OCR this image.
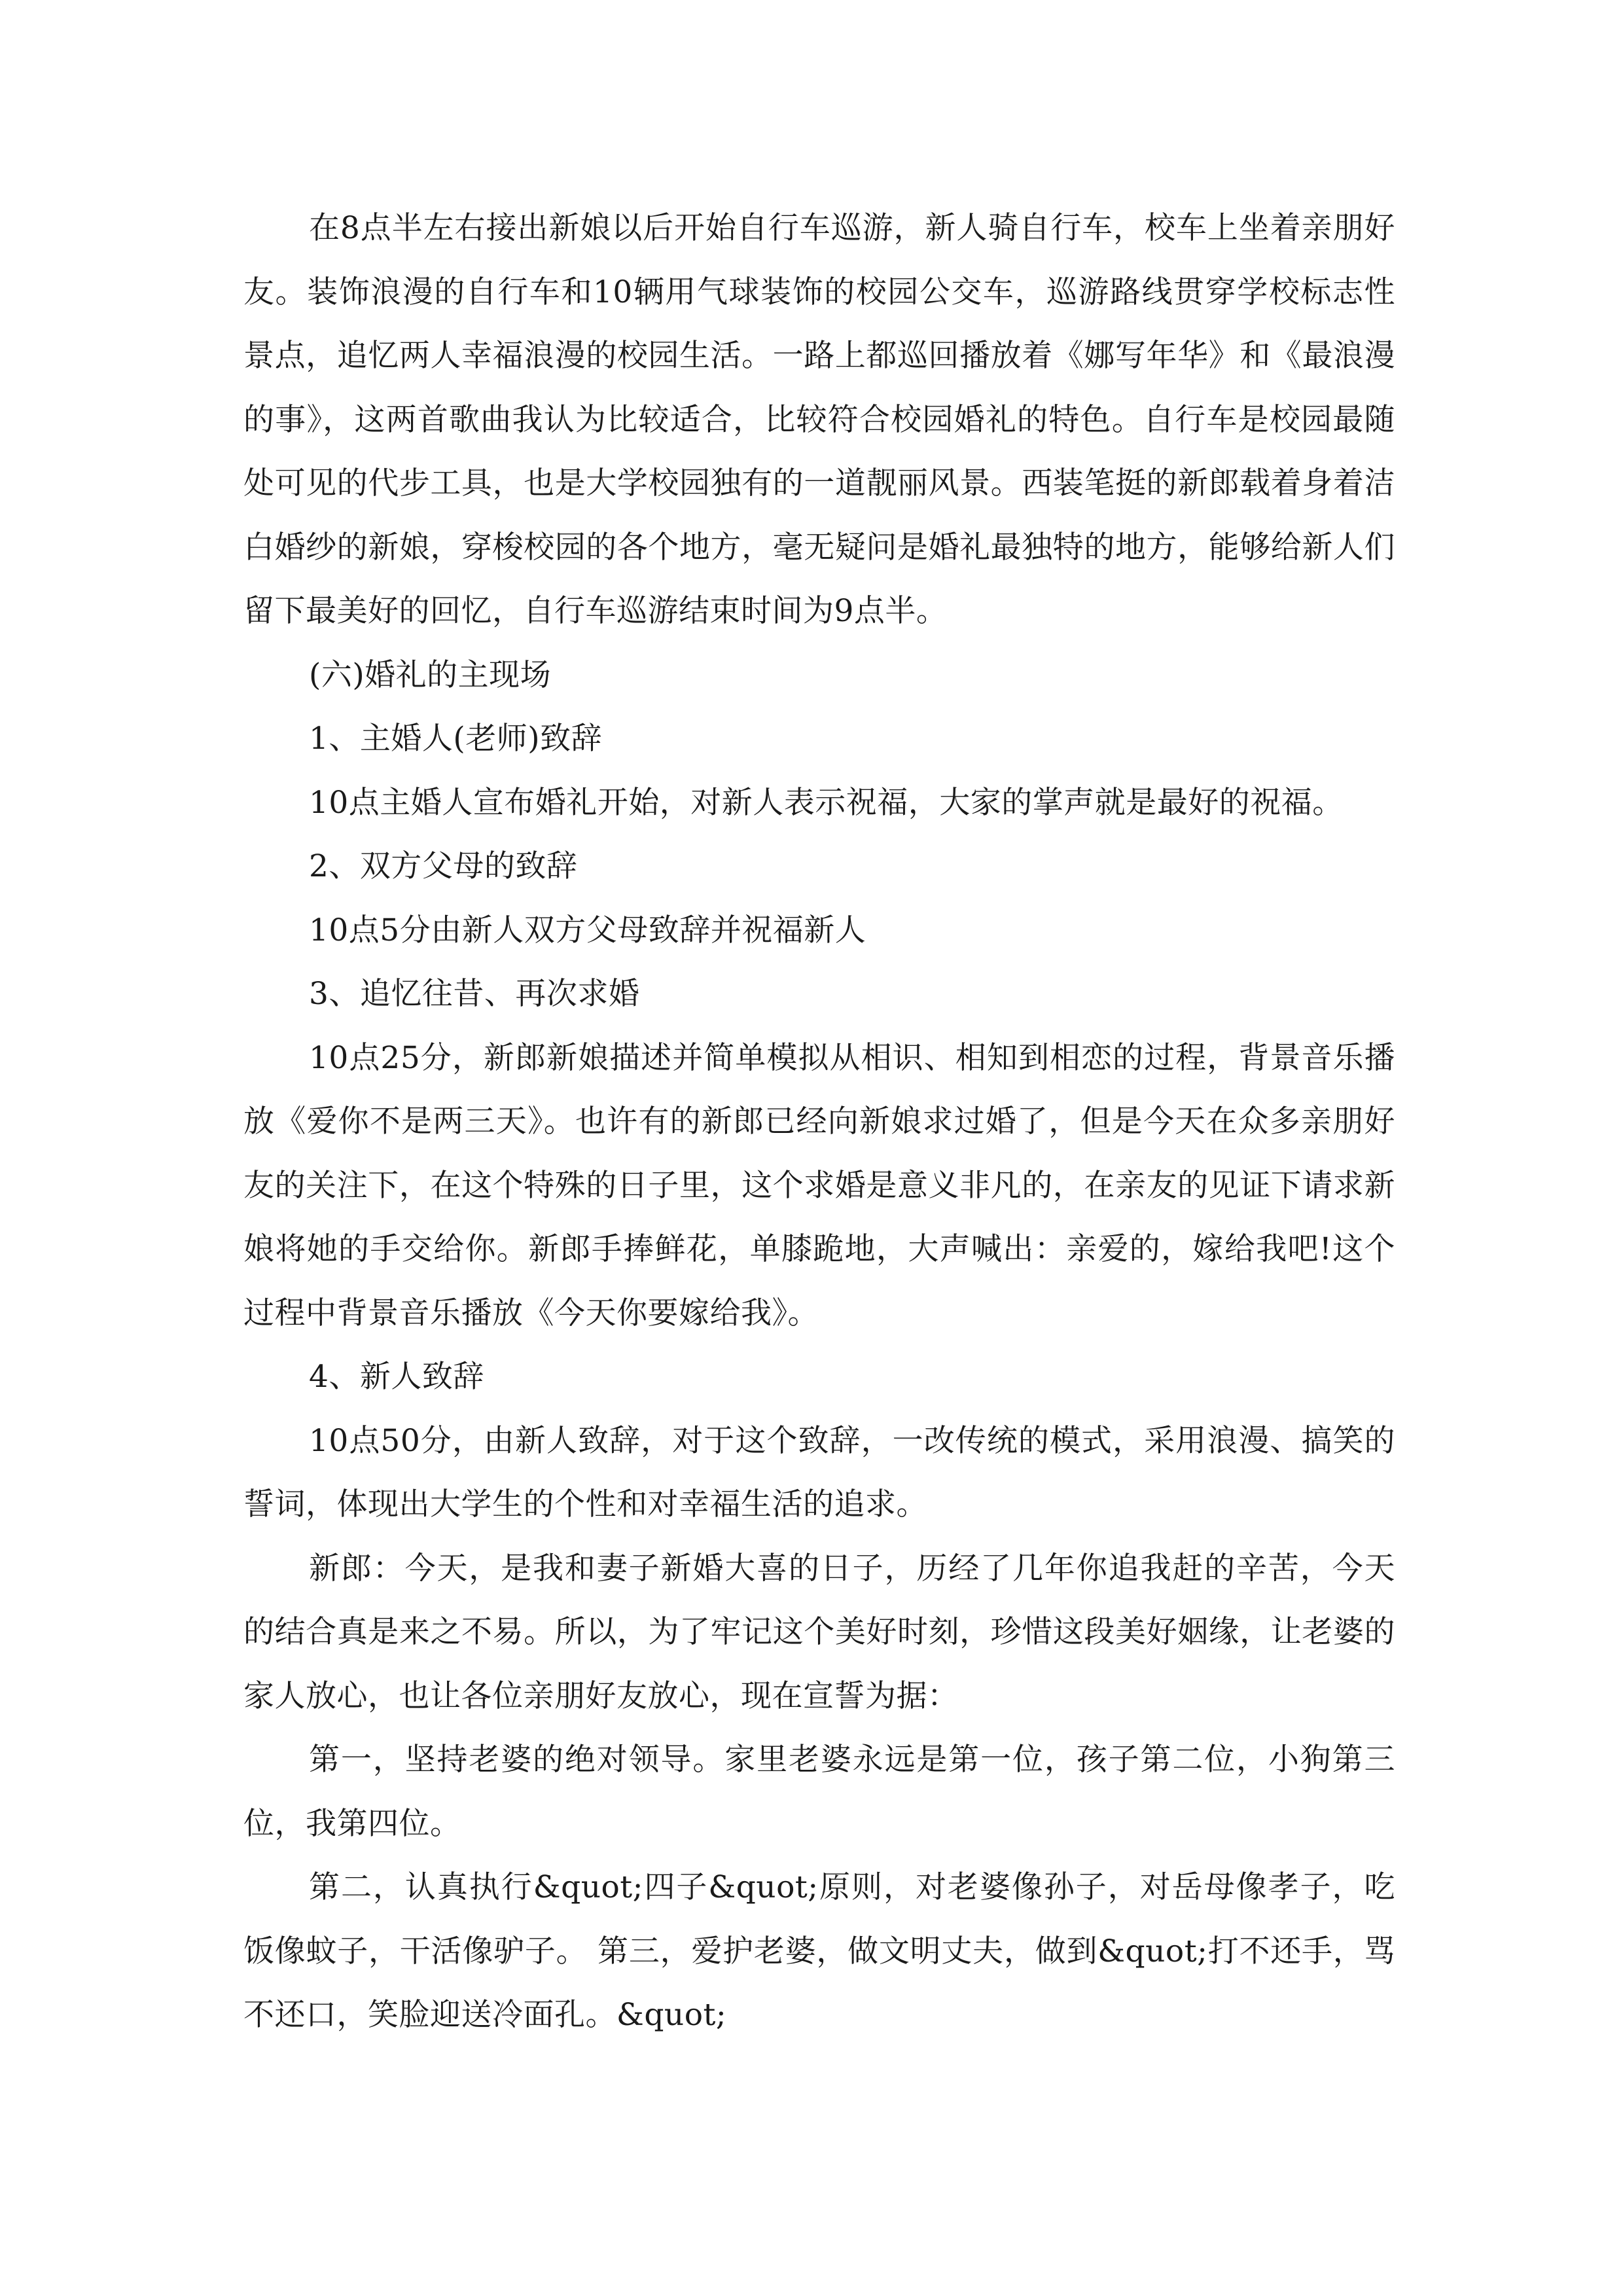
在8点半左右接出新娘以后开始自行车巡游，新人骑自行车，校车上坐着亲朋好友。装饰浪漫的自行车和10辆用气球装饰的校园公交车，巡游路线贯穿学校标志性景点，追忆两人幸福浪漫的校园生活。一路上都巡回播放着《娜写年华》和《最浪漫的事》，这两首歌曲我认为比较适合，比较符合校园婚礼的特色。自行车是校园最随处可见的代步工具，也是大学校园独有的一道靓丽风景。西装笔挺的新郎载着身着洁白婚纱的新娘，穿梭校园的各个地方，毫无疑问是婚礼最独特的地方，能够给新人们留下最美好的回忆，自行车巡游结束时间为9点半。

(六)婚礼的主现场

1、主婚人(老师)致辞

10点主婚人宣布婚礼开始，对新人表示祝福，大家的掌声就是最好的祝福。

2、双方父母的致辞

10点5分由新人双方父母致辞并祝福新人

3、追忆往昔、再次求婚

10点25分，新郎新娘描述并简单模拟从相识、相知到相恋的过程，背景音乐播放《爱你不是两三天》。也许有的新郎已经向新娘求过婚了，但是今天在众多亲朋好友的关注下，在这个特殊的日子里，这个求婚是意义非凡的，在亲友的见证下请求新娘将她的手交给你。新郎手捧鲜花，单膝跪地，大声喊出：亲爱的，嫁给我吧!这个过程中背景音乐播放《今天你要嫁给我》。

4、新人致辞

10点50分，由新人致辞，对于这个致辞，一改传统的模式，采用浪漫、搞笑的誓词，体现出大学生的个性和对幸福生活的追求。

新郎：今天，是我和妻子新婚大喜的日子，历经了几年你追我赶的辛苦，今天的结合真是来之不易。所以，为了牢记这个美好时刻，珍惜这段美好姻缘，让老婆的家人放心，也让各位亲朋好友放心，现在宣誓为据：

第一，坚持老婆的绝对领导。家里老婆永远是第一位，孩子第二位，小狗第三位，我第四位。

第二，认真执行&quot;四子&quot;原则，对老婆像孙子，对岳母像孝子，吃饭像蚊子，干活像驴子。 第三，爱护老婆，做文明丈夫，做到&quot;打不还手，骂不还口，笑脸迎送冷面孔。&quot;
